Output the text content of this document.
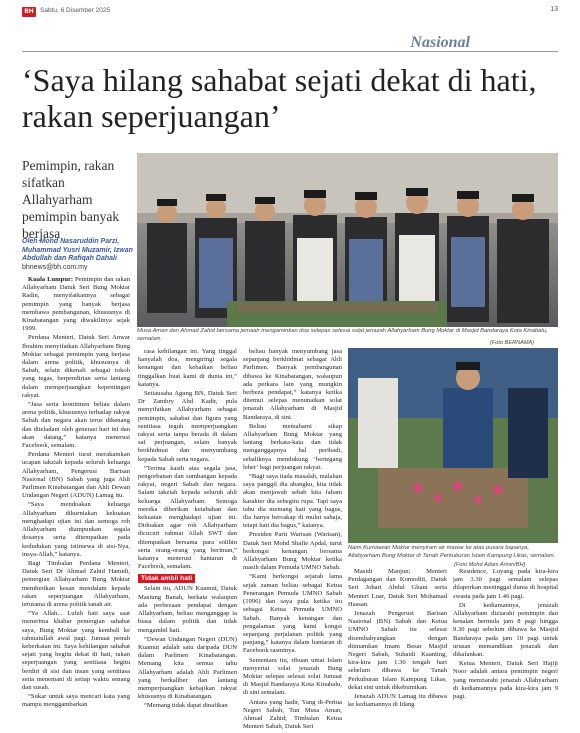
BH Sabtu, 6 Disember 2025	13
Nasional
‘Saya hilang sahabat sejati dekat di hati, rakan seperjuangan’
Pemimpin, rakan sifatkan Allahyarham pemimpin banyak berjasa
Oleh Mohd Nasaruddin Parzi, Muhammad Yusri Muzamir, Izwan Abdullah dan Rafiqah Dahali
bhnews@bh.com.my
Musa Aman dan Ahmad Zahid bersama jemaah mengaminkan doa selepas selesai solat jenazah Allahyarham Bung Moktar di Masjid Bandaraya Kota Kinabalu, semalam.
(Foto BERNAMA)
Naim Kurniawan Moktar menyiram air mawar ke atas pusara bapanya, Allahyarham Bung Moktar di Tanah Perkuburan Islam Kampung Likas, semalam.
(Foto Mohd Adam Arinin/BH)

Kuala Lumpur: Pemimpin dan rakan Allahyarham Datuk Seri Bung Moktar Radin, menyifatkannya sebagai pemimpin yang banyak berjasa membawa pembangunan, khususnya di Kinabatangan yang diwakilinya sejak 1999.

Perdana Menteri, Datuk Seri Anwar Ibrahim menyifatkan Allahyarham Bung Moktar sebagai pemimpin yang berjasa dalam arena politik, khususnya di Sabah, selain dikenali sebagai tokoh yang tegas, berpendirian serta lantang dalam memperjuangkan kepentingan rakyat.

“Jasa serta komitmen beliau dalam arena politik, khususnya terhadap rakyat Sabah dan negara akan terus dikenang dan diteladani oleh generasi hari ini dan akan datang,” katanya menerusi Facebook, semalam.

Perdana Menteri turut merakamkan ucapan takziah kepada seluruh keluarga Allahyarham, Pengerusi Barisan Nasional (BN) Sabah yang juga Ahli Parlimen Kinabatangan dan Ahli Dewan Undangan Negeri (ADUN) Lamag itu.

“Saya mendoakan keluarga Allahyarham dikurniakan kekuatan menghadapi ujian ini dan semoga roh Allahyarham diampunkan segala dosanya serta ditempatkan pada kedudukan yang istimewa di sisi-Nya, insya-Allah,” katanya.

Bagi Timbalan Perdana Menteri, Datuk Seri Dr Ahmad Zahid Hamidi, pemergian Allahyarham Bung Moktar memberikan kesan mendalam kepada rakan seperjuangan Allahyarham, terutama di arena politik tanah air.

“Ya Allah... Luluh hati saya saat menerima khabar pemergian sahabat saya, Bung Moktar yang kembali ke rahmatullah awal pagi. Jumaat penuh keberkatan ini. Saya kehilangan sahabat sejati yang begitu dekat di hati, rakan seperjuangan yang senitiasa begitu berdiri di sisi dan insan yang senitiasa setia menemani di setiap waktu senang dan susah.

“Sukar untuk saya mencari kata yang mampu menggambarkan

rasa kehilangan ini. Yang tinggal hanyalah doa, mengiringi segala kenangan dan kebaikan beliau tinggalkan buat kami di dunia ini,” katanya.

Setiausaha Agung BN, Datuk Seri Dr Zambry Abd Kadir, pula menyifatkan Allahyarham sebagai pemimpin, sahabat dan figura yang senitiasa teguh memperjuangkan rakyat serta tanpa berada di dalam saf perjuangan, selain banyak berkhidmat dan menyumbang kepada Sabah serta negara.

“Terima kasih atas segala jasa, pengorbanan dan sumbangan kepada rakyat, negeri Sabah dan negara. Salam takziah kepada seluruh ahli keluarga Allahyarham. Semoga mereka diberikan ketabahan dan kekuatan menghadapi ujian ini. Didoakan agar roh Allahyarham dicucuri rahmat Allah SWT dan ditempatkan bersama para solihin serta orang-orang yang beriman,” katanya menerusi hantaran di Facebook, semalam.

Tidak ambil hati

Selain itu, ADUN Kuamut, Datuk Masiung Banah, berkata walaupun ada perbezaan pendapat dengan Allahyarham, beliau menganggap ia biasa dalam politik dan tidak mengambil hati.

“Dewan Undangan Negeri (DUN) Kuamut adalah satu daripada DUN dalam Parlimen Kinabatangan. Memang kita semua tahu Allahyarham adalah Ahli Parlimen yang berkaliber dan lantang memperjuangkan kebajikan rakyat khususnya di Kinabatangan.

“Memang tidak dapat dinafikan

beliau banyak menyumbang jasa sepanjang berkhidmat sebagai Ahli Parlimen. Banyak pembangunan dibawa ke Kinabatangan, walaupun ada perkara lain yang mungkin berbeza pendapat,” katanya ketika ditemui selepas menunaikan solat jenazah Allahyarham di Masjid Bandaraya, di sini.

Beliau memahami sikap Allahyarham Bung Moktar yang lantang berkata-kata dan tidak menganggapnya hal peribadi, sebaliknya mendukung ‘bertegang leher’ bagi perjuangan rakyat.

“Bagi saya tiada masalah, malahan saya panggil dia abangku, kita tidak akan menjawab sebab kita faham karakter dia sebegitu rupa. Tapi saya tahu dia memang hati yang bagus, dia hanya bercakap di mulut sahaja, tetapi hati dia bagus,” katanya.

Presiden Parti Warisan (Warisan), Datuk Seri Mohd Shafie Apdal, turut berkongsi kenangan bersama Allahyarham Bung Moktar ketika masih dalam Pemuda UMNO Sabah.

“Kami berkongsi sejarah lama sejak zaman beliau sebagai Ketua Penerangan Pemuda UMNO Sabah (1996) dan saya pula ketika itu sebagai Ketua Pemuda UMNO Sabah. Banyak kenangan dan pengalaman yang kami kongsi sepanjang perjalanan politik yang panjang,” katanya dalam hantaran di Facebook rasminya.

Sementara itu, ribuan umat Islam menyertai solat jenazah Bung Moktar selepas selesai solat Jumaat di Masjid Bandaraya Kota Kinabalu, di sini semalam.

Antara yang hadir, Yang di-Pertua Negeri Sabah, Tun Musa Aman, Ahmad Zahid; Timbalan Ketua Menteri Sabah, Datuk Seri

Masidi Manjun; Menteri Perdagangan dan Komoditi, Datuk Seri Johari Abdul Ghani serta Menteri Luar, Datuk Seri Mohamad Hassan.

Jenazah Pengerusi Barisan Nasional (BN) Sabah dan Ketua UMNO Sabah itu selesai disembahyangkan dengan diimamkan Imam Besar Masjid Negeri Sabah, Suhaidi Kaanting, kira-kira jam 1.30 tengah hari sebelum dibawa ke Tanah Perkuburan Islam Kampung Likas, dekat sini untuk dikebumikan.

Jenazah ADUN Lamag itu dibawa ke kediamannya di Idang

Residence, Luyang pada kira-kira jam 3.30 pagi semalam selepas dilaporkan meninggal dunia di hospital swasta pada jam 1.46 pagi.

Di kediamannya, jenazah Allahyarham diziarahi pemimpin dan kenalan bermula jam 8 pagi hingga 9.30 pagi sebelum dibawa ke Masjid Bandaraya pada jam 10 pagi untuk urusan memandikan jenazah dan dikafankan.

Ketua Menteri, Datuk Seri Hajiji Noor adalah antara pemimpin negeri yang menziarahi jenazah Allahyarham di kediamannya pada kira-kira jam 9 pagi.
